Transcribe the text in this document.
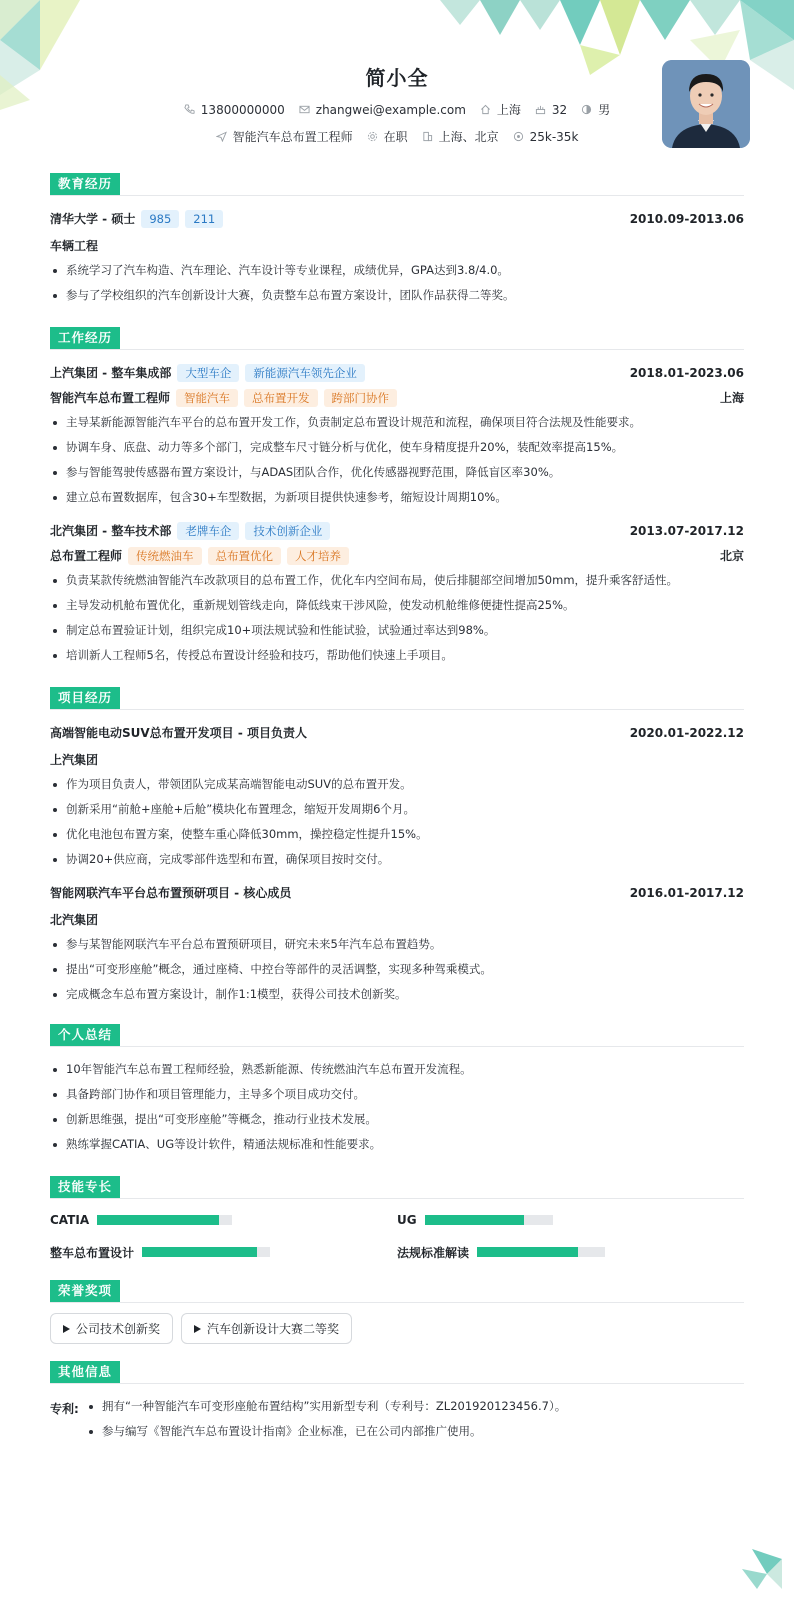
简小全
13800000000	zhangwei@example.com	上海	32	男
智能汽车总布置工程师	在职	上海、北京	25k-35k
教育经历
清华大学 - 硕士	985	211	2010.09-2013.06
车辆工程
系统学习了汽车构造、汽车理论、汽车设计等专业课程，成绩优异，GPA达到3.8/4.0。
参与了学校组织的汽车创新设计大赛，负责整车总布置方案设计，团队作品获得二等奖。
工作经历
上汽集团 - 整车集成部	大型车企	新能源汽车领先企业	2018.01-2023.06
智能汽车总布置工程师	智能汽车	总布置开发	跨部门协作	上海
主导某新能源智能汽车平台的总布置开发工作，负责制定总布置设计规范和流程，确保项目符合法规及性能要求。
协调车身、底盘、动力等多个部门，完成整车尺寸链分析与优化，使车身精度提升20%，装配效率提高15%。
参与智能驾驶传感器布置方案设计，与ADAS团队合作，优化传感器视野范围，降低盲区率30%。
建立总布置数据库，包含30+车型数据，为新项目提供快速参考，缩短设计周期10%。
北汽集团 - 整车技术部	老牌车企	技术创新企业	2013.07-2017.12
总布置工程师	传统燃油车	总布置优化	人才培养	北京
负责某款传统燃油智能汽车改款项目的总布置工作，优化车内空间布局，使后排腿部空间增加50mm，提升乘客舒适性。
主导发动机舱布置优化，重新规划管线走向，降低线束干涉风险，使发动机舱维修便捷性提高25%。
制定总布置验证计划，组织完成10+项法规试验和性能试验，试验通过率达到98%。
培训新人工程师5名，传授总布置设计经验和技巧，帮助他们快速上手项目。
项目经历
高端智能电动SUV总布置开发项目 - 项目负责人	2020.01-2022.12
上汽集团
作为项目负责人，带领团队完成某高端智能电动SUV的总布置开发。
创新采用“前舱+座舱+后舱”模块化布置理念，缩短开发周期6个月。
优化电池包布置方案，使整车重心降低30mm，操控稳定性提升15%。
协调20+供应商，完成零部件选型和布置，确保项目按时交付。
智能网联汽车平台总布置预研项目 - 核心成员	2016.01-2017.12
北汽集团
参与某智能网联汽车平台总布置预研项目，研究未来5年汽车总布置趋势。
提出“可变形座舱”概念，通过座椅、中控台等部件的灵活调整，实现多种驾乘模式。
完成概念车总布置方案设计，制作1:1模型，获得公司技术创新奖。
个人总结
10年智能汽车总布置工程师经验，熟悉新能源、传统燃油汽车总布置开发流程。
具备跨部门协作和项目管理能力，主导多个项目成功交付。
创新思维强，提出“可变形座舱”等概念，推动行业技术发展。
熟练掌握CATIA、UG等设计软件，精通法规标准和性能要求。
技能专长
CATIA	UG
整车总布置设计	法规标准解读
荣誉奖项
公司技术创新奖	汽车创新设计大赛二等奖
其他信息
专利:	拥有“一种智能汽车可变形座舱布置结构”实用新型专利（专利号：ZL201920123456.7）。
参与编写《智能汽车总布置设计指南》企业标准，已在公司内部推广使用。
